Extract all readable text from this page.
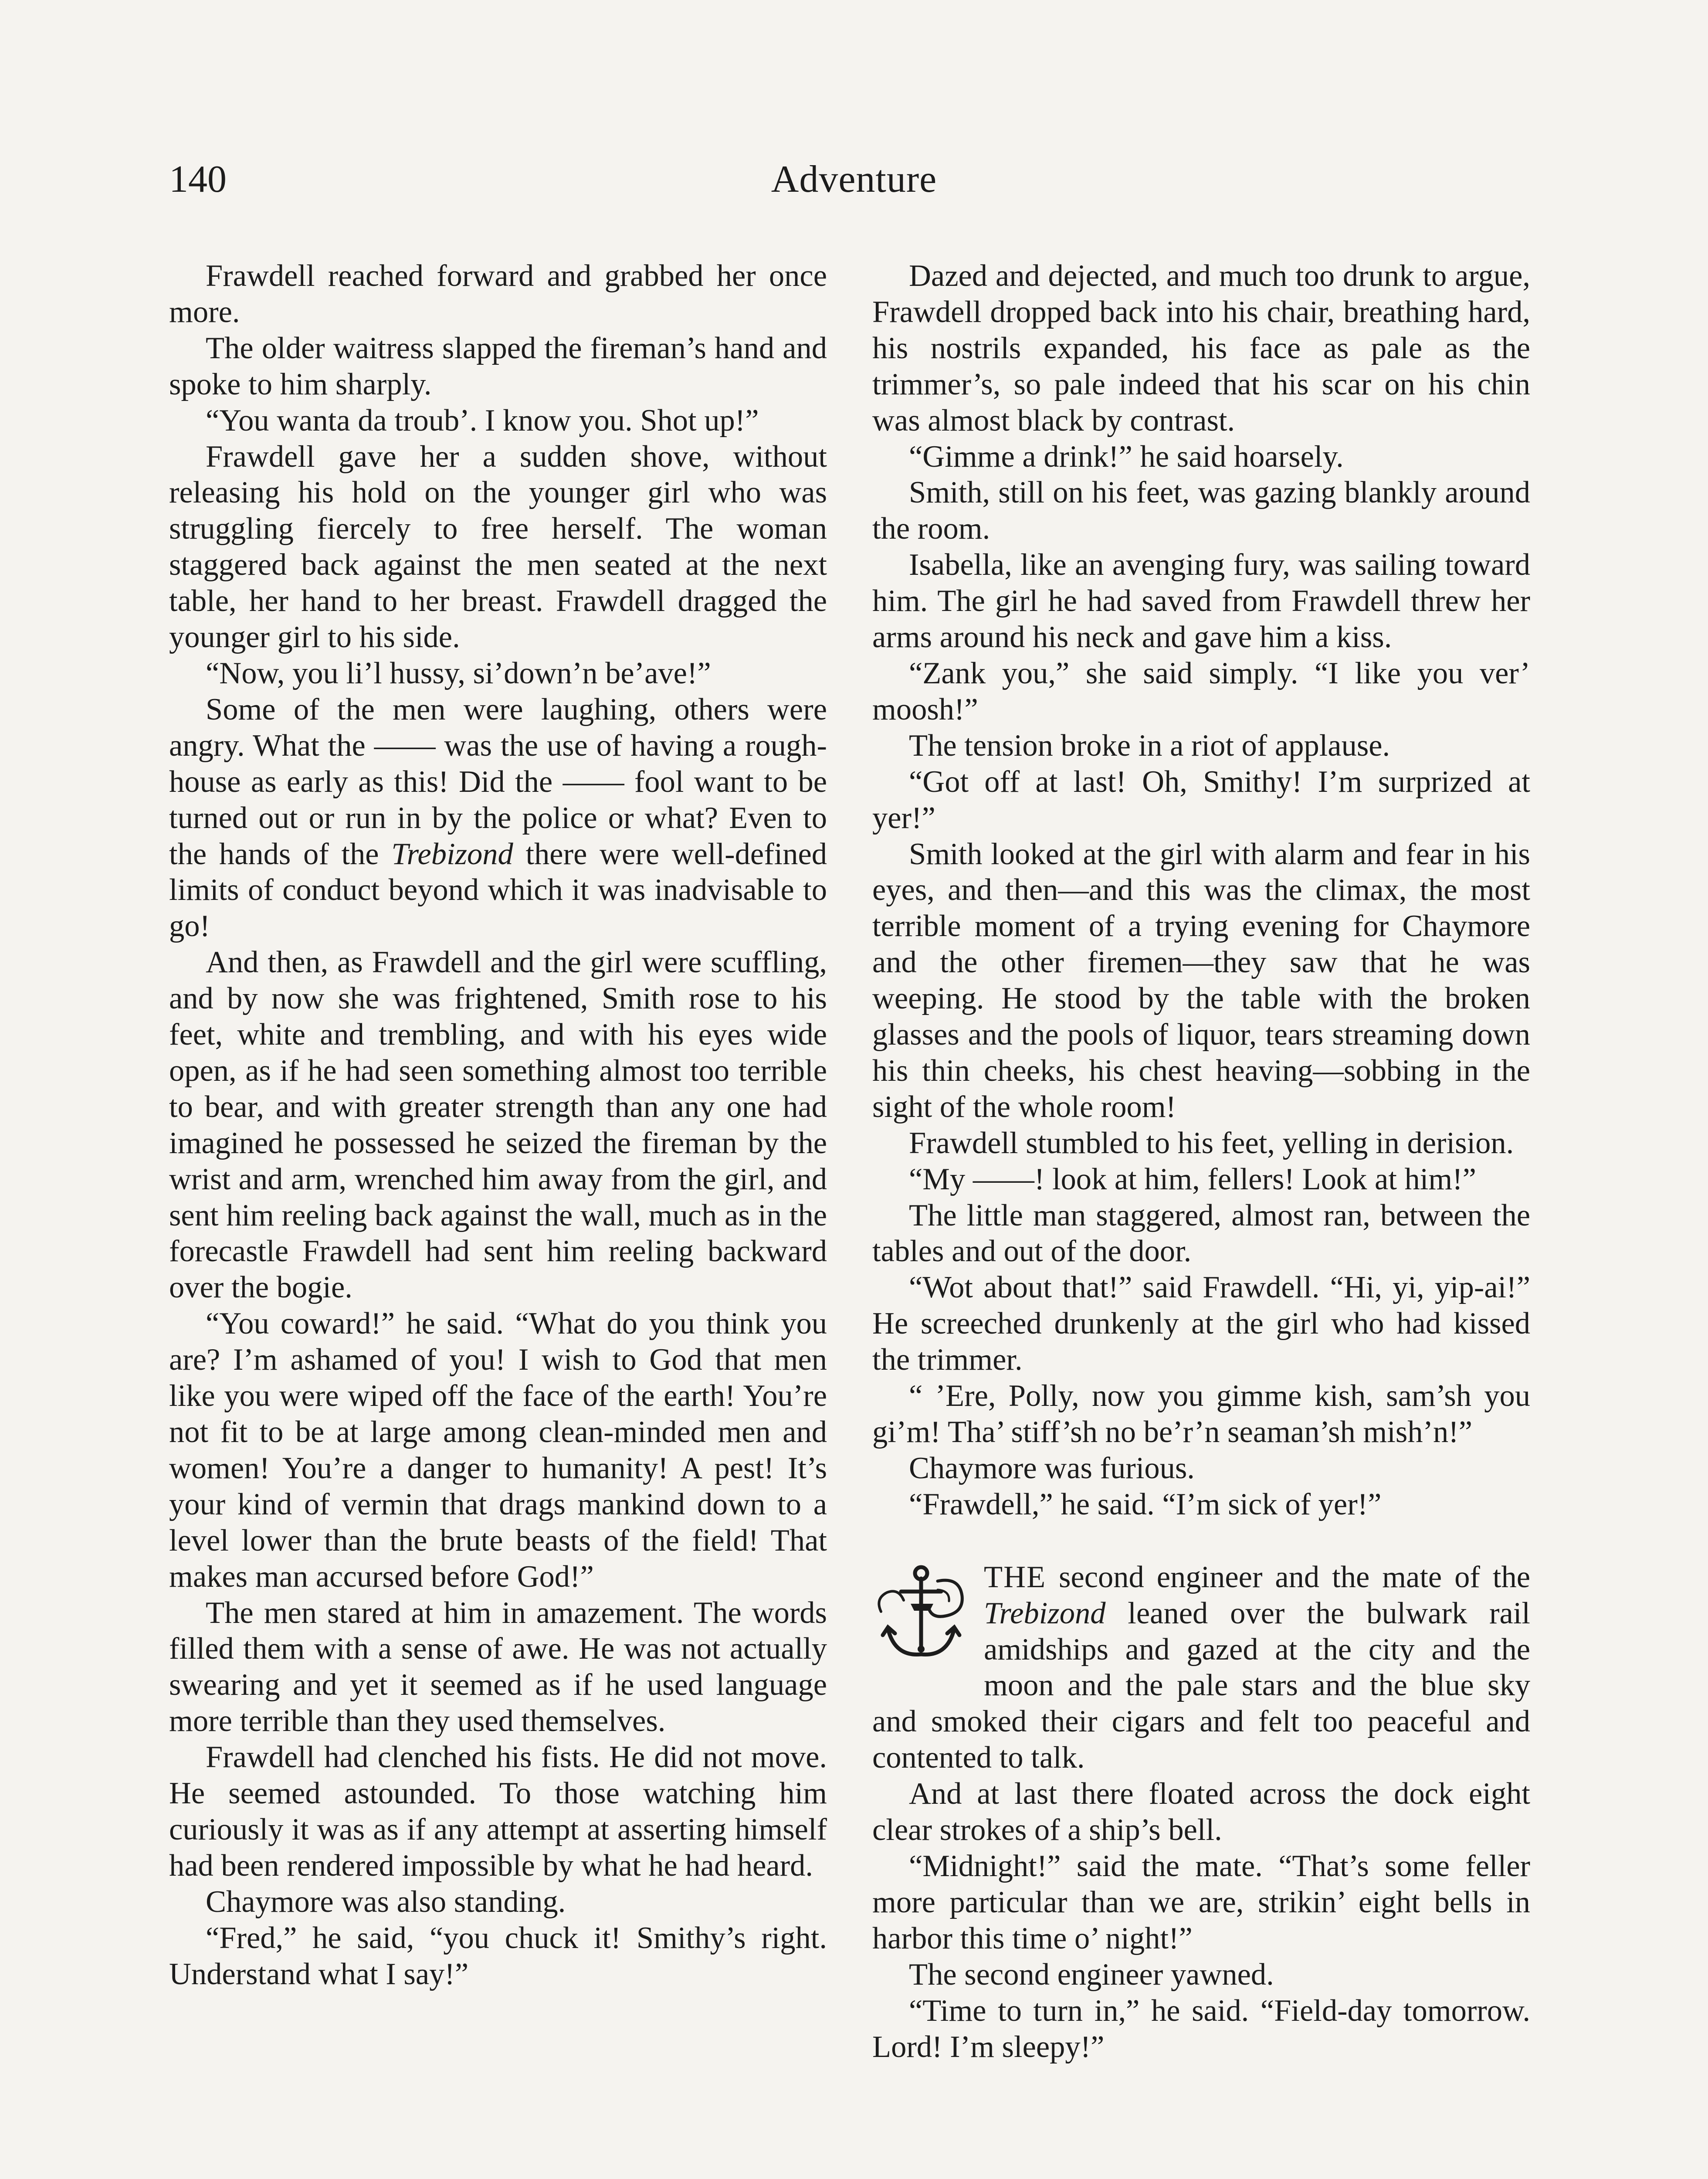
140	Adventure

Frawdell reached forward and grabbed her once more.

The older waitress slapped the fireman’s hand and spoke to him sharply.

“You wanta da troub’. I know you. Shot up!”

Frawdell gave her a sudden shove, without releasing his hold on the younger girl who was struggling fiercely to free herself. The woman staggered back against the men seated at the next table, her hand to her breast. Frawdell dragged the younger girl to his side.

“Now, you li’l hussy, si’down’n be’ave!”

Some of the men were laughing, others were angry. What the —— was the use of having a rough-house as early as this! Did the —— fool want to be turned out or run in by the police or what? Even to the hands of the Trebizond there were well-defined limits of conduct beyond which it was inadvisable to go!

And then, as Frawdell and the girl were scuffling, and by now she was frightened, Smith rose to his feet, white and trembling, and with his eyes wide open, as if he had seen something almost too terrible to bear, and with greater strength than any one had imagined he possessed he seized the fireman by the wrist and arm, wrenched him away from the girl, and sent him reeling back against the wall, much as in the forecastle Frawdell had sent him reeling backward over the bogie.

“You coward!” he said. “What do you think you are? I’m ashamed of you! I wish to God that men like you were wiped off the face of the earth! You’re not fit to be at large among clean-minded men and women! You’re a danger to humanity! A pest! It’s your kind of vermin that drags mankind down to a level lower than the brute beasts of the field! That makes man accursed before God!”

The men stared at him in amazement. The words filled them with a sense of awe. He was not actually swearing and yet it seemed as if he used language more terrible than they used themselves.

Frawdell had clenched his fists. He did not move. He seemed astounded. To those watching him curiously it was as if any attempt at asserting himself had been rendered impossible by what he had heard.

Chaymore was also standing.

“Fred,” he said, “you chuck it! Smithy’s right. Understand what I say!”

Dazed and dejected, and much too drunk to argue, Frawdell dropped back into his chair, breathing hard, his nostrils expanded, his face as pale as the trimmer’s, so pale indeed that his scar on his chin was almost black by contrast.

“Gimme a drink!” he said hoarsely.

Smith, still on his feet, was gazing blankly around the room.

Isabella, like an avenging fury, was sailing toward him. The girl he had saved from Frawdell threw her arms around his neck and gave him a kiss.

“Zank you,” she said simply. “I like you ver’ moosh!”

The tension broke in a riot of applause.

“Got off at last! Oh, Smithy! I’m surprized at yer!”

Smith looked at the girl with alarm and fear in his eyes, and then—and this was the climax, the most terrible moment of a trying evening for Chaymore and the other firemen—they saw that he was weeping. He stood by the table with the broken glasses and the pools of liquor, tears streaming down his thin cheeks, his chest heaving—sobbing in the sight of the whole room!

Frawdell stumbled to his feet, yelling in derision.

“My ——! look at him, fellers! Look at him!”

The little man staggered, almost ran, between the tables and out of the door.

“Wot about that!” said Frawdell. “Hi, yi, yip-ai!” He screeched drunkenly at the girl who had kissed the trimmer.

“ ’Ere, Polly, now you gimme kish, sam’sh you gi’m! Tha’ stiff’sh no be’r’n seaman’sh mish’n!”

Chaymore was furious.

“Frawdell,” he said. “I’m sick of yer!”

THE second engineer and the mate of the Trebizond leaned over the bulwark rail amidships and gazed at the city and the moon and the pale stars and the blue sky and smoked their cigars and felt too peaceful and contented to talk.

And at last there floated across the dock eight clear strokes of a ship’s bell.

“Midnight!” said the mate. “That’s some feller more particular than we are, strikin’ eight bells in harbor this time o’ night!”

The second engineer yawned.

“Time to turn in,” he said. “Field-day tomorrow. Lord! I’m sleepy!”
